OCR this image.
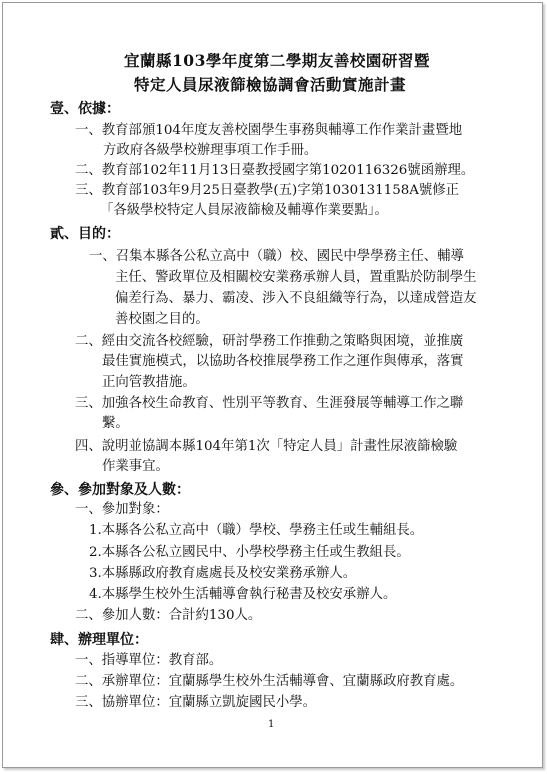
宜蘭縣103學年度第二學期友善校園研習暨
特定人員尿液篩檢協調會活動實施計畫
壹、依據：
一、教育部頒104年度友善校園學生事務與輔導工作作業計畫暨地
方政府各級學校辦理事項工作手冊。
二、教育部102年11月13日臺教授國字第1020116326號函辦理。
三、教育部103年9月25日臺教學(五)字第1030131158A號修正
「各級學校特定人員尿液篩檢及輔導作業要點」。
貳、目的：
一、召集本縣各公私立高中（職）校、國民中學學務主任、輔導
主任、警政單位及相關校安業務承辦人員，置重點於防制學生
偏差行為、暴力、霸凌、涉入不良組織等行為，以達成營造友
善校園之目的。
二、經由交流各校經驗，研討學務工作推動之策略與困境，並推廣
最佳實施模式，以協助各校推展學務工作之運作與傳承，落實
正向管教措施。
三、加強各校生命教育、性別平等教育、生涯發展等輔導工作之聯
繫。
四、說明並協調本縣104年第1次「特定人員」計畫性尿液篩檢驗
作業事宜。
參、參加對象及人數：
一、參加對象：
1.本縣各公私立高中（職）學校、學務主任或生輔組長。
2.本縣各公私立國民中、小學校學務主任或生教組長。
3.本縣縣政府教育處處長及校安業務承辦人。
4.本縣學生校外生活輔導會執行秘書及校安承辦人。
二、參加人數：合計約130人。
肆、辦理單位：
一、指導單位：教育部。
二、承辦單位：宜蘭縣學生校外生活輔導會、宜蘭縣政府教育處。
三、協辦單位：宜蘭縣立凱旋國民小學。
1
